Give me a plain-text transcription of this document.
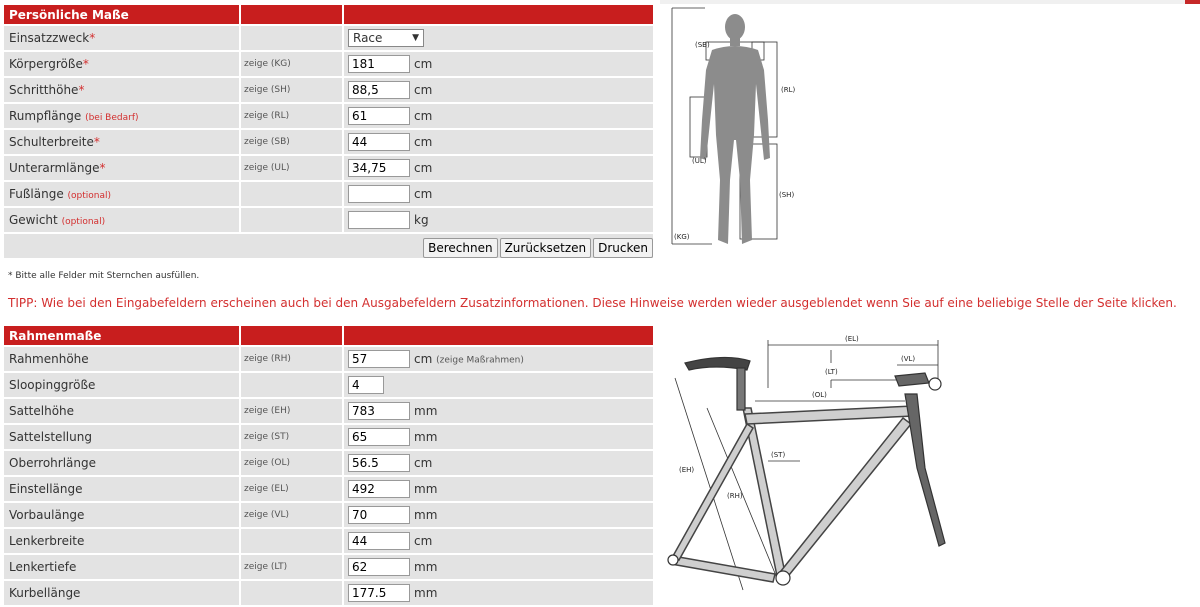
Persönliche Maße		
Einsatzzweck*		Race ▼

Körpergröße*	zeige (KG)	181cm
Schritthöhe*	zeige (SH)	88,5cm
Rumpflänge (bei Bedarf)	zeige (RL)	61cm
Schulterbreite*	zeige (SB)	44cm
Unterarmlänge*	zeige (UL)	34,75cm
Fußlänge (optional)		cm
Gewicht (optional)		kg
Berechnen Zurücksetzen Drucken		
* Bitte alle Felder mit Sternchen ausfüllen.
TIPP: Wie bei den Eingabefeldern erscheinen auch bei den Ausgabefeldern Zusatzinformationen. Diese Hinweise werden wieder ausgeblendet wenn Sie auf eine beliebige Stelle der Seite klicken.
Rahmenmaße		
Rahmenhöhe	zeige (RH)	57cm (zeige Maßrahmen)
Sloopinggröße		4
Sattelhöhe	zeige (EH)	783mm
Sattelstellung	zeige (ST)	65mm
Oberrohrlänge	zeige (OL)	56.5cm
Einstellänge	zeige (EL)	492mm
Vorbaulänge	zeige (VL)	70mm
Lenkerbreite		44cm
Lenkertiefe	zeige (LT)	62mm
Kurbellänge		177.5mm
(SB)
(RL)
(UL)
(SH)
(KG)
(EL)
(VL)
(LT)
(OL)
(ST)
(EH)
(RH)
